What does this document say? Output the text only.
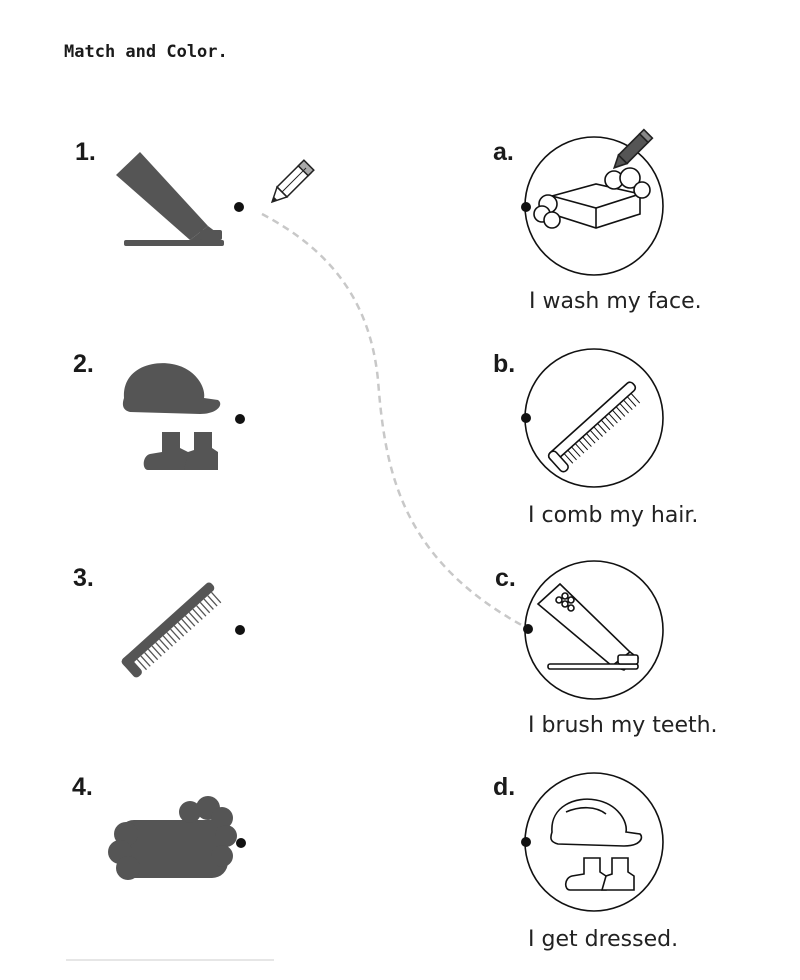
Match and Color.
1.
2.
3.
4.
a.
b.
c.
d.
I wash my face.
I comb my hair.
I brush my teeth.
I get dressed.
